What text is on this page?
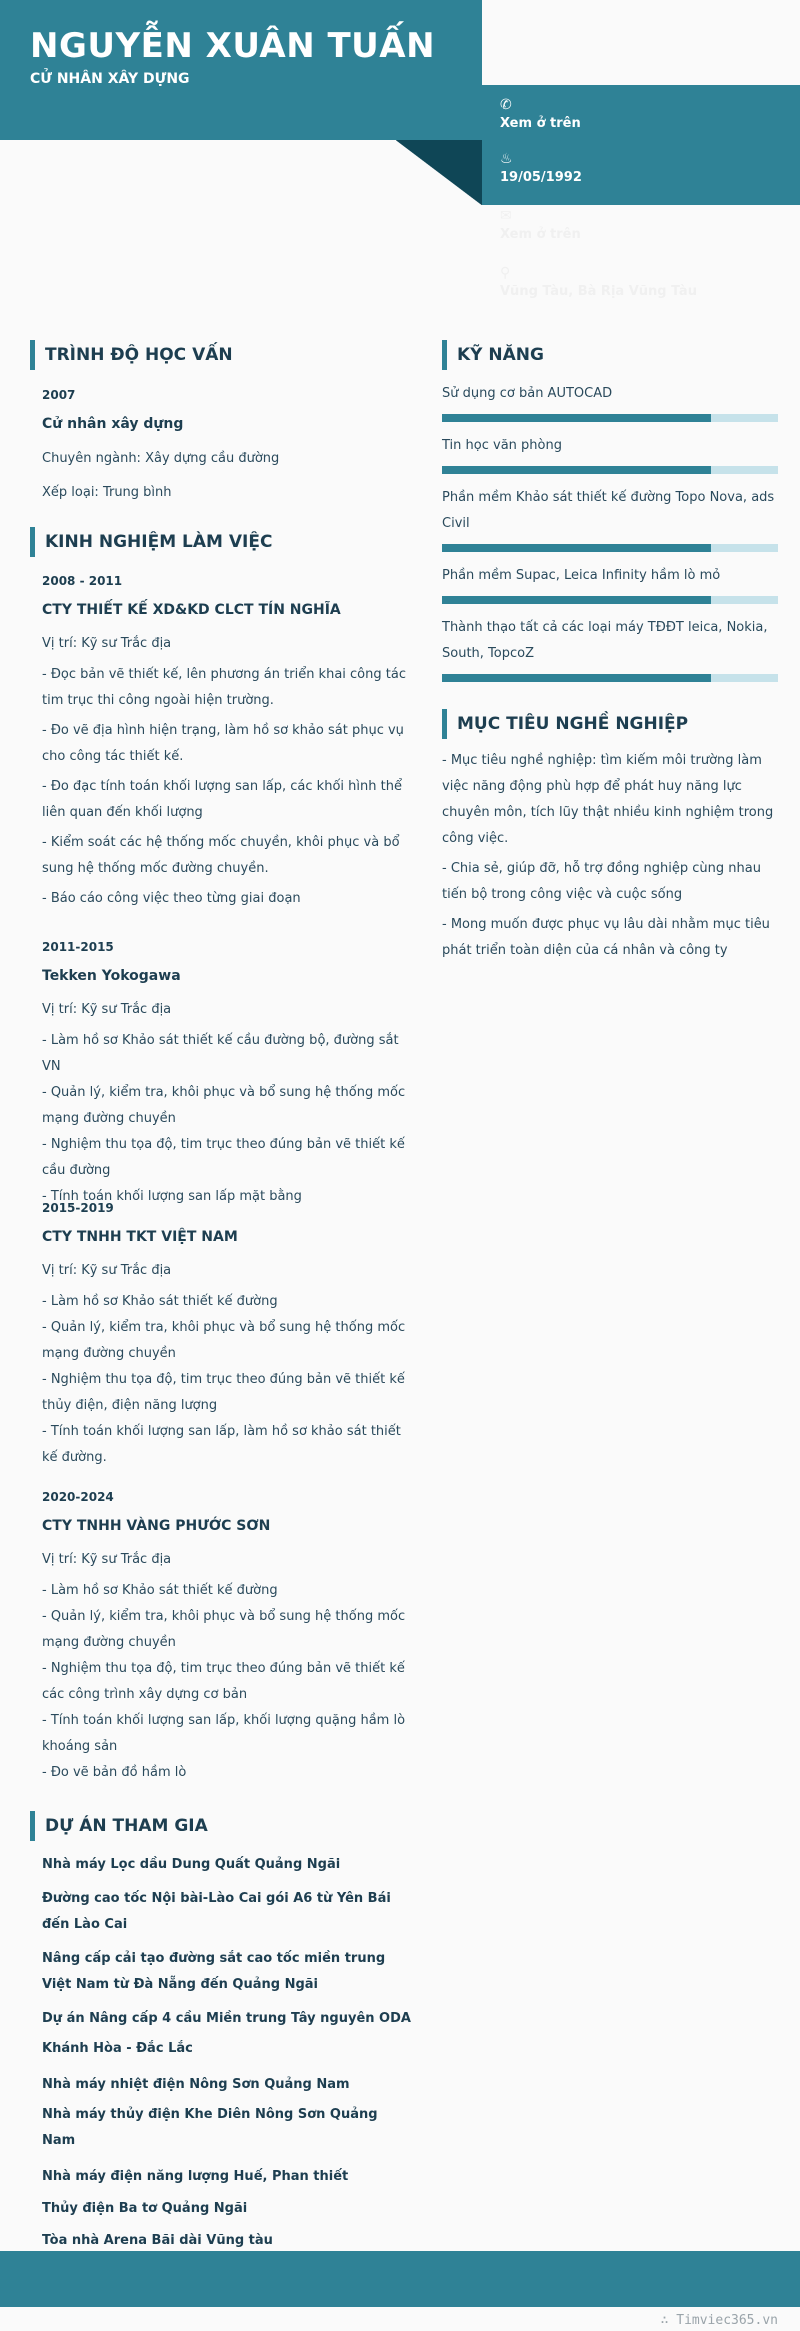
NGUYỄN XUÂN TUẤN

CỬ NHÂN XÂY DỰNG

✆
Xem ở trên
♨
19/05/1992
✉
Xem ở trên
⚲
Vũng Tàu, Bà Rịa Vũng Tàu
TRÌNH ĐỘ HỌC VẤN

2007

Cử nhân xây dựng

Chuyên ngành: Xây dựng cầu đường

Xếp loại: Trung bình

KINH NGHIỆM LÀM VIỆC

2008 - 2011

CTY THIẾT KẾ XD&KD CLCT TÍN NGHĨA

Vị trí: Kỹ sư Trắc địa

- Đọc bản vẽ thiết kế, lên phương án triển khai công tác tim trục thi công ngoài hiện trường.

- Đo vẽ địa hình hiện trạng, làm hồ sơ khảo sát phục vụ cho công tác thiết kế.

- Đo đạc tính toán khối lượng san lấp, các khối hình thể liên quan đến khối lượng

- Kiểm soát các hệ thống mốc chuyền, khôi phục và bổ sung hệ thống mốc đường chuyền.

- Báo cáo công việc theo từng giai đoạn

2011-2015

Tekken Yokogawa

Vị trí: Kỹ sư Trắc địa

- Làm hồ sơ Khảo sát thiết kế cầu đường bộ, đường sắt VN

- Quản lý, kiểm tra, khôi phục và bổ sung hệ thống mốc mạng đường chuyền

- Nghiệm thu tọa độ, tim trục theo đúng bản vẽ thiết kế cầu đường

- Tính toán khối lượng san lấp mặt bằng

2015-2019

CTY TNHH TKT VIỆT NAM

Vị trí: Kỹ sư Trắc địa

- Làm hồ sơ Khảo sát thiết kế đường

- Quản lý, kiểm tra, khôi phục và bổ sung hệ thống mốc mạng đường chuyền

- Nghiệm thu tọa độ, tim trục theo đúng bản vẽ thiết kế thủy điện, điện năng lượng

- Tính toán khối lượng san lấp, làm hồ sơ khảo sát thiết kế đường.

2020-2024

CTY TNHH VÀNG PHƯỚC SƠN

Vị trí: Kỹ sư Trắc địa

- Làm hồ sơ Khảo sát thiết kế đường

- Quản lý, kiểm tra, khôi phục và bổ sung hệ thống mốc mạng đường chuyền

- Nghiệm thu tọa độ, tim trục theo đúng bản vẽ thiết kế các công trình xây dựng cơ bản

- Tính toán khối lượng san lấp, khối lượng quặng hầm lò khoáng sản

- Đo vẽ bản đồ hầm lò

DỰ ÁN THAM GIA

Nhà máy Lọc dầu Dung Quất Quảng Ngãi

Đường cao tốc Nội bài-Lào Cai gói A6 từ Yên Bái đến Lào Cai

Nâng cấp cải tạo đường sắt cao tốc miền trung Việt Nam từ Đà Nẵng đến Quảng Ngãi

Dự án Nâng cấp 4 cầu Miền trung Tây nguyên ODA

Khánh Hòa - Đắc Lắc

Nhà máy nhiệt điện Nông Sơn Quảng Nam

Nhà máy thủy điện Khe Diên Nông Sơn Quảng Nam

Nhà máy điện năng lượng Huế, Phan thiết

Thủy điện Ba tơ Quảng Ngãi

Tòa nhà Arena Bãi dài Vũng tàu

KỸ NĂNG

Sử dụng cơ bản AUTOCAD

Tin học văn phòng

Phần mềm Khảo sát thiết kế đường Topo Nova, ads Civil

Phần mềm Supac, Leica Infinity hầm lò mỏ

Thành thạo tất cả các loại máy TĐĐT leica, Nokia, South, TopcoZ

MỤC TIÊU NGHỀ NGHIỆP

- Mục tiêu nghề nghiệp: tìm kiếm môi trường làm việc năng động phù hợp để phát huy năng lực chuyên môn, tích lũy thật nhiều kinh nghiệm trong công việc.

- Chia sẻ, giúp đỡ, hỗ trợ đồng nghiệp cùng nhau tiến bộ trong công việc và cuộc sống

- Mong muốn được phục vụ lâu dài nhằm mục tiêu phát triển toàn diện của cá nhân và công ty

∴ Timviec365.vn
